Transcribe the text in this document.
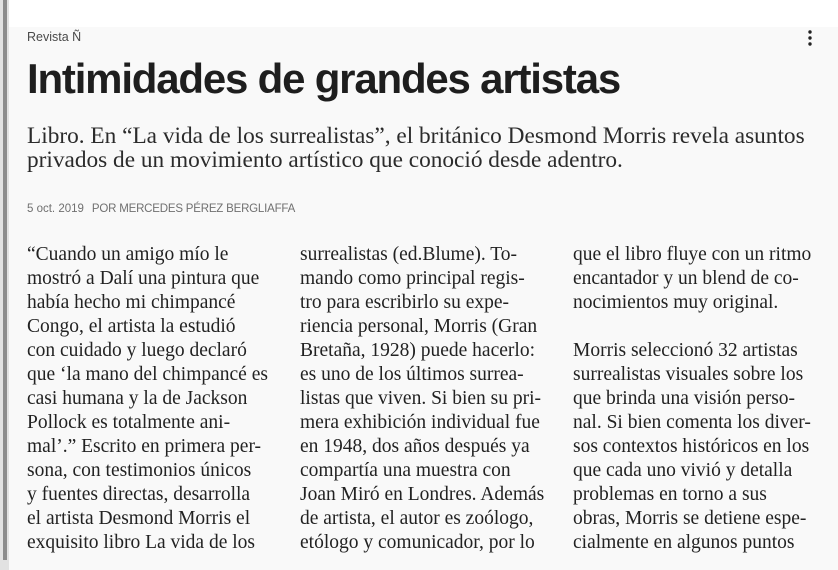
Revista Ñ
Intimidades de grandes artistas
Libro. En “La vida de los surrealistas”, el británico Desmond Morris revela asuntos
privados de un movimiento artístico que conoció desde adentro.
5 oct. 2019 POR MERCEDES PÉREZ BERGLIAFFA
“Cuando un amigo mío le
mostró a Dalí una pintura que
había hecho mi chimpancé
Congo, el artista la estudió
con cuidado y luego declaró
que ‘la mano del chimpancé es
casi humana y la de Jackson
Pollock es totalmente ani-
mal’.” Escrito en primera per-
sona, con testimonios únicos
y fuentes directas, desarrolla
el artista Desmond Morris el
exquisito libro La vida de los
surrealistas (ed.Blume). To-
mando como principal regis-
tro para escribirlo su expe-
riencia personal, Morris (Gran
Bretaña, 1928) puede hacerlo:
es uno de los últimos surrea-
listas que viven. Si bien su pri-
mera exhibición individual fue
en 1948, dos años después ya
compartía una muestra con
Joan Miró en Londres. Además
de artista, el autor es zoólogo,
etólogo y comunicador, por lo
que el libro fluye con un ritmo
encantador y un blend de co-
nocimientos muy original.
Morris seleccionó 32 artistas
surrealistas visuales sobre los
que brinda una visión perso-
nal. Si bien comenta los diver-
sos contextos históricos en los
que cada uno vivió y detalla
problemas en torno a sus
obras, Morris se detiene espe-
cialmente en algunos puntos
